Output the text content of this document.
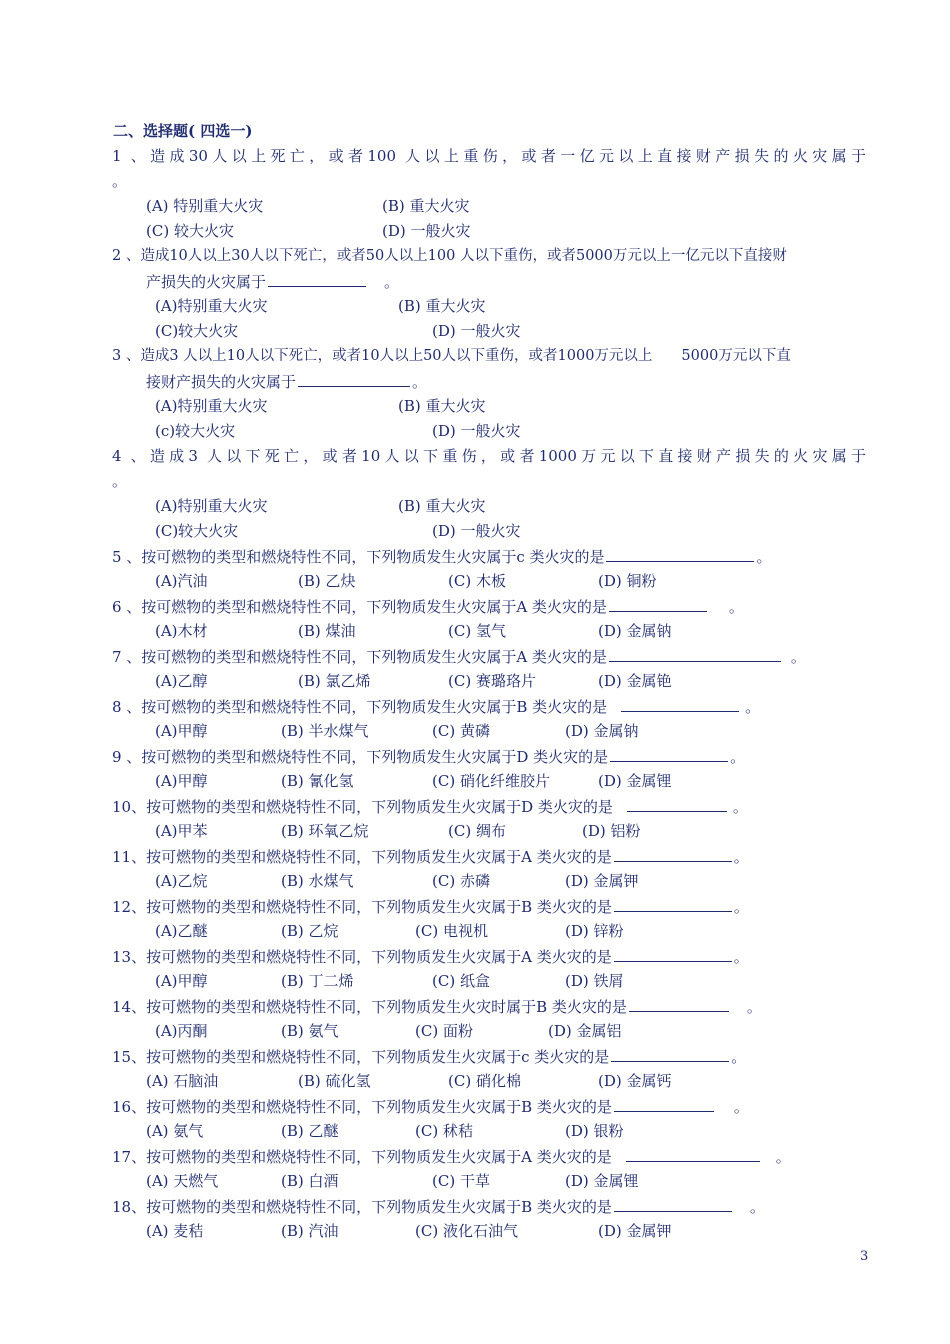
二、选择题( 四选一)
1 、造成30人以上死亡，或者100 人以上重伤，或者一亿元以上直接财产损失的火灾属于
。
(A) 特别重大火灾	(B) 重大火灾
(C) 较大火灾	(D) 一般火灾
2 、造成10人以上30人以下死亡，或者50人以上100 人以下重伤，或者5000万元以上一亿元以下直接财
产损失的火灾属于	。
(A)特别重大火灾	(B) 重大火灾
(C)较大火灾	(D) 一般火灾
3 、造成3 人以上10人以下死亡，或者10人以上50人以下重伤，或者1000万元以上　　5000万元以下直
接财产损失的火灾属于	。
(A)特别重大火灾	(B) 重大火灾
(c)较大火灾	(D) 一般火灾
4 、造成3 人以下死亡，或者10人以下重伤，或者1000万元以下直接财产损失的火灾属于
。
(A)特别重大火灾	(B) 重大火灾
(C)较大火灾	(D) 一般火灾
5 、按可燃物的类型和燃烧特性不同，下列物质发生火灾属于c 类火灾的是	。
(A)汽油	(B) 乙炔	(C) 木板	(D) 铜粉
6 、按可燃物的类型和燃烧特性不同，下列物质发生火灾属于A 类火灾的是	。
(A)木材	(B) 煤油	(C) 氢气	(D) 金属钠
7 、按可燃物的类型和燃烧特性不同，下列物质发生火灾属于A 类火灾的是	。
(A)乙醇	(B) 氯乙烯	(C) 赛璐珞片	(D) 金属铯
8 、按可燃物的类型和燃烧特性不同，下列物质发生火灾属于B 类火灾的是	。
(A)甲醇	(B) 半水煤气	(C) 黄磷	(D) 金属钠
9 、按可燃物的类型和燃烧特性不同，下列物质发生火灾属于D 类火灾的是	。
(A)甲醇	(B) 氰化氢	(C) 硝化纤维胶片	(D) 金属锂
10、按可燃物的类型和燃烧特性不同，下列物质发生火灾属于D 类火灾的是	。
(A)甲苯	(B) 环氧乙烷	(C) 绸布	(D) 铝粉
11、按可燃物的类型和燃烧特性不同，下列物质发生火灾属于A 类火灾的是	。
(A)乙烷	(B) 水煤气	(C) 赤磷	(D) 金属钾
12、按可燃物的类型和燃烧特性不同，下列物质发生火灾属于B 类火灾的是	。
(A)乙醚	(B) 乙烷	(C) 电视机	(D) 锌粉
13、按可燃物的类型和燃烧特性不同，下列物质发生火灾属于A 类火灾的是	。
(A)甲醇	(B) 丁二烯	(C) 纸盒	(D) 铁屑
14、按可燃物的类型和燃烧特性不同，下列物质发生火灾时属于B 类火灾的是	。
(A)丙酮	(B) 氨气	(C) 面粉	(D) 金属铝
15、按可燃物的类型和燃烧特性不同，下列物质发生火灾属于c 类火灾的是	。
(A) 石脑油	(B) 硫化氢	(C) 硝化棉	(D) 金属钙
16、按可燃物的类型和燃烧特性不同，下列物质发生火灾属于B 类火灾的是	。
(A) 氨气	(B) 乙醚	(C) 秫秸	(D) 银粉
17、按可燃物的类型和燃烧特性不同，下列物质发生火灾属于A 类火灾的是	。
(A) 天燃气	(B) 白酒	(C) 干草	(D) 金属锂
18、按可燃物的类型和燃烧特性不同，下列物质发生火灾属于B 类火灾的是	。
(A) 麦秸	(B) 汽油	(C) 液化石油气	(D) 金属钾
3
